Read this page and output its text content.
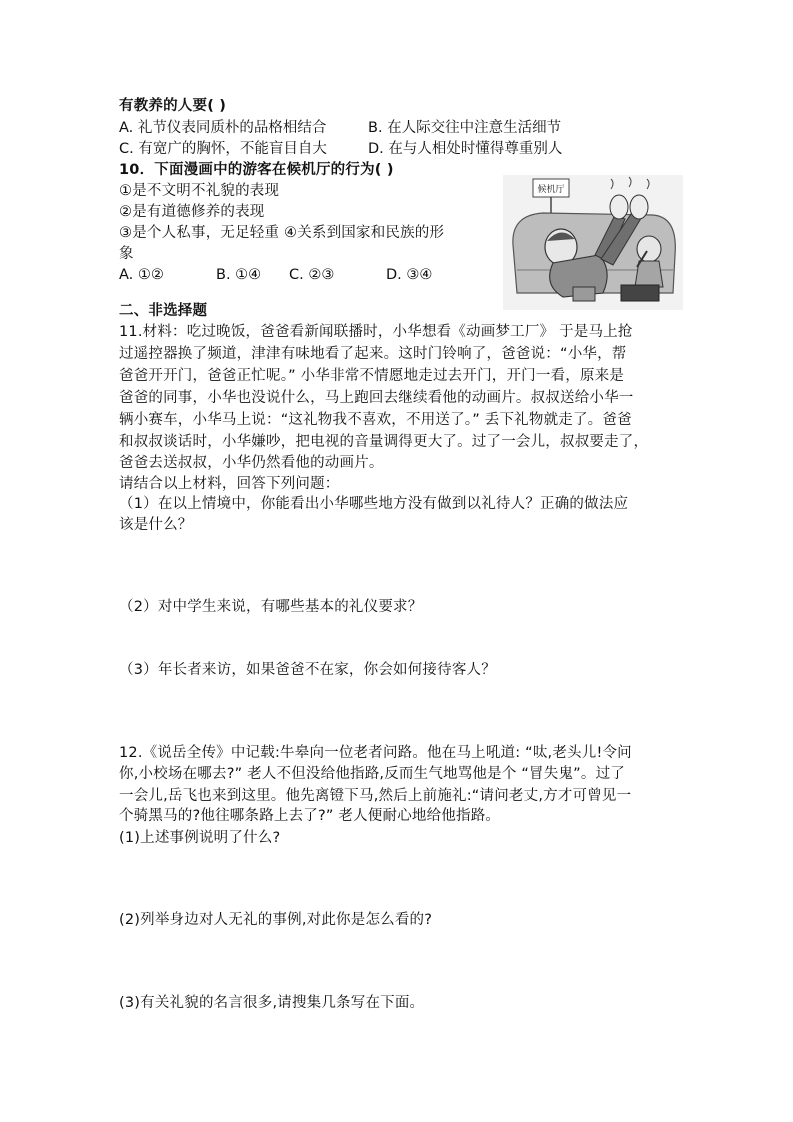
有教养的人要( )
A. 礼节仪表同质朴的品格相结合	B. 在人际交往中注意生活细节
C. 有宽广的胸怀，不能盲目自大	D. 在与人相处时懂得尊重别人
10．下面漫画中的游客在候机厅的行为( )
①是不文明不礼貌的表现
②是有道德修养的表现
③是个人私事，无足轻重 ④关系到国家和民族的形
象
A. ①②	B. ①④ C. ②③	D. ③④
候机厅
二、非选择题
11.材料：吃过晚饭，爸爸看新闻联播时，小华想看《动画梦工厂》 于是马上抢
过遥控器换了频道，津津有味地看了起来。这时门铃响了，爸爸说：“小华，帮
爸爸开开门，爸爸正忙呢。” 小华非常不情愿地走过去开门，开门一看，原来是
爸爸的同事，小华也没说什么，马上跑回去继续看他的动画片。叔叔送给小华一
辆小赛车，小华马上说：“这礼物我不喜欢，不用送了。” 丢下礼物就走了。爸爸
和叔叔谈话时，小华嫌吵，把电视的音量调得更大了。过了一会儿，叔叔要走了，
爸爸去送叔叔，小华仍然看他的动画片。
请结合以上材料，回答下列问题：
（1）在以上情境中，你能看出小华哪些地方没有做到以礼待人？正确的做法应
该是什么？
（2）对中学生来说，有哪些基本的礼仪要求？
（3）年长者来访，如果爸爸不在家，你会如何接待客人？
12.《说岳全传》中记载:牛皋向一位老者问路。他在马上吼道: “呔,老头儿!令问
你,小校场在哪去?” 老人不但没给他指路,反而生气地骂他是个 “冒失鬼”。过了
一会儿,岳飞也来到这里。他先离镫下马,然后上前施礼:“请问老丈,方才可曾见一
个骑黑马的?他往哪条路上去了?” 老人便耐心地给他指路。
(1)上述事例说明了什么?
(2)列举身边对人无礼的事例,对此你是怎么看的?
(3)有关礼貌的名言很多,请搜集几条写在下面。
